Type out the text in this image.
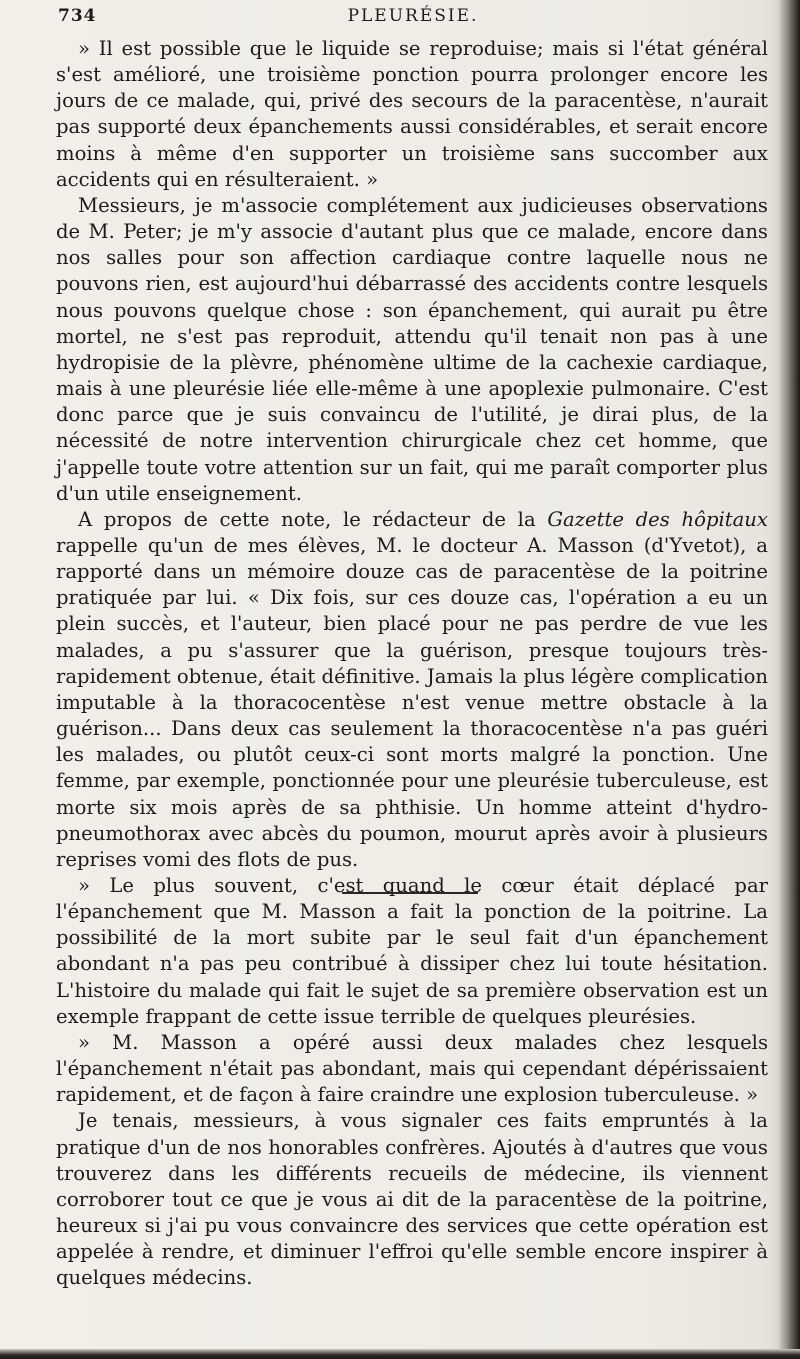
734	PLEURÉSIE.

» Il est possible que le liquide se reproduise; mais si l'état général s'est amélioré, une troisième ponction pourra prolonger encore les jours de ce malade, qui, privé des secours de la paracentèse, n'aurait pas supporté deux épanchements aussi considérables, et serait encore moins à même d'en supporter un troisième sans succomber aux accidents qui en résulteraient. »

Messieurs, je m'associe complétement aux judicieuses observations de M. Peter; je m'y associe d'autant plus que ce malade, encore dans nos salles pour son affection cardiaque contre laquelle nous ne pouvons rien, est aujourd'hui débarrassé des accidents contre lesquels nous pouvons quelque chose : son épanchement, qui aurait pu être mortel, ne s'est pas reproduit, attendu qu'il tenait non pas à une hydropisie de la plèvre, phénomène ultime de la cachexie cardiaque, mais à une pleurésie liée elle-même à une apoplexie pulmonaire. C'est donc parce que je suis convaincu de l'utilité, je dirai plus, de la nécessité de notre intervention chirurgicale chez cet homme, que j'appelle toute votre attention sur un fait, qui me paraît comporter plus d'un utile enseignement.

A propos de cette note, le rédacteur de la Gazette des hôpitaux rappelle qu'un de mes élèves, M. le docteur A. Masson (d'Yvetot), a rapporté dans un mémoire douze cas de paracentèse de la poitrine pratiquée par lui. « Dix fois, sur ces douze cas, l'opération a eu un plein succès, et l'auteur, bien placé pour ne pas perdre de vue les malades, a pu s'assurer que la guérison, presque toujours très-rapidement obtenue, était définitive. Jamais la plus légère complication imputable à la thoracocentèse n'est venue mettre obstacle à la guérison... Dans deux cas seulement la thoracocentèse n'a pas guéri les malades, ou plutôt ceux-ci sont morts malgré la ponction. Une femme, par exemple, ponctionnée pour une pleurésie tuberculeuse, est morte six mois après de sa phthisie. Un homme atteint d'hydro-pneumothorax avec abcès du poumon, mourut après avoir à plusieurs reprises vomi des flots de pus.

» Le plus souvent, c'est quand le cœur était déplacé par l'épanchement que M. Masson a fait la ponction de la poitrine. La possibilité de la mort subite par le seul fait d'un épanchement abondant n'a pas peu contribué à dissiper chez lui toute hésitation. L'histoire du malade qui fait le sujet de sa première observation est un exemple frappant de cette issue terrible de quelques pleurésies.

» M. Masson a opéré aussi deux malades chez lesquels l'épanchement n'était pas abondant, mais qui cependant dépérissaient rapidement, et de façon à faire craindre une explosion tuberculeuse. »

Je tenais, messieurs, à vous signaler ces faits empruntés à la pratique d'un de nos honorables confrères. Ajoutés à d'autres que vous trouverez dans les différents recueils de médecine, ils viennent corroborer tout ce que je vous ai dit de la paracentèse de la poitrine, heureux si j'ai pu vous convaincre des services que cette opération est appelée à rendre, et diminuer l'effroi qu'elle semble encore inspirer à quelques médecins.
